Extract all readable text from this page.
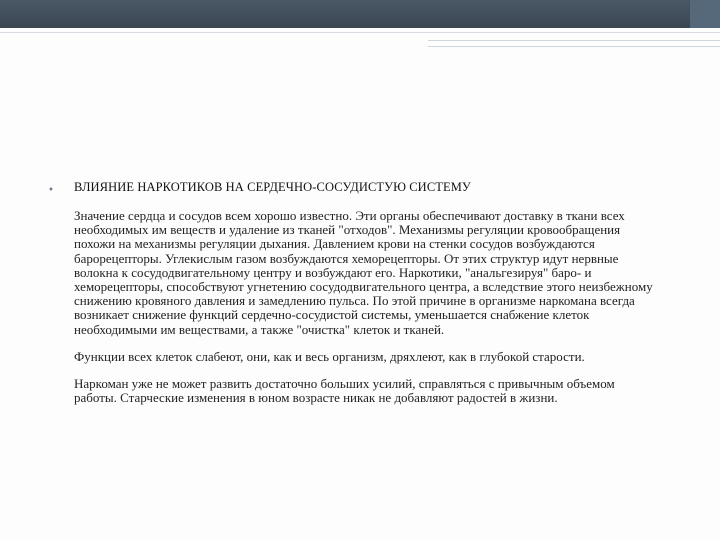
• ВЛИЯНИЕ НАРКОТИКОВ НА СЕРДЕЧНО-СОСУДИСТУЮ СИСТЕМУ
Значение сердца и сосудов всем хорошо известно. Эти органы обеспечивают доставку в ткани всех необходимых им веществ и удаление из тканей "отходов". Механизмы регуляции кровообращения похожи на механизмы регуляции дыхания. Давлением крови на стенки сосудов возбуждаются барорецепторы. Углекислым газом возбуждаются хеморецепторы. От этих структур идут нервные волокна к сосудодвигательному центру и возбуждают его. Наркотики, "анальгезируя" баро- и хеморецепторы, способствуют угнетению сосудодвигательного центра, а вследствие этого неизбежному снижению кровяного давления и замедлению пульса. По этой причине в организме наркомана всегда возникает снижение функций сердечно-сосудистой системы, уменьшается снабжение клеток необходимыми им веществами, а также "очистка" клеток и тканей.
Функции всех клеток слабеют, они, как и весь организм, дряхлеют, как в глубокой старости.
Наркоман уже не может развить достаточно больших усилий, справляться с привычным объемом работы. Старческие изменения в юном возрасте никак не добавляют радостей в жизни.
